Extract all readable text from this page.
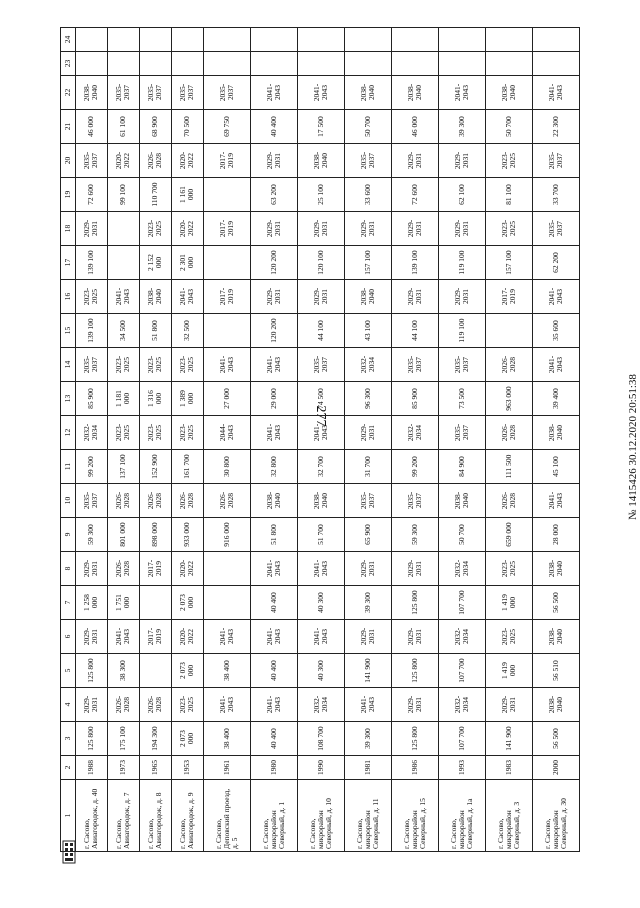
277	№ 1415426 30.12.2020 20:51:38
1	2	3	4	5	6	7	8	9	10	11	12	13	14	15	16	17	18	19	20	21	22	23	24
г. Сасово, Авиагородок, д. 40	1988	125 800	2029-2031	125 800	2029-2031	1 258 000	2029-2031	59 300	2035-2037	99 200	2032-2034	85 900	2035-2037	139 100	2023-2025	139 100	2029-2031	72 600	2035-2037	46 000	2038-2040		
г. Сасово, Авиагородок, д. 7	1973	175 100	2026-2028	38 300	2041-2043	1 751 000	2026-2028	801 000	2026-2028	137 100	2023-2025	1 181 000	2023-2025	34 500	2041-2043			99 100	2020-2022	61 100	2035-2037		
г. Сасово, Авиагородок, д. 8	1965	194 300	2026-2028		2017-2019		2017-2019	898 000	2026-2028	152 900	2023-2025	1 316 000	2023-2025	51 800	2038-2040	2 152 000	2023-2025	110 700	2026-2028	68 900	2035-2037		
г. Сасово, Авиагородок, д. 9	1953	2 073 000	2023-2025	2 073 000	2020-2022	2 073 000	2020-2022	933 000	2026-2028	161 700	2023-2025	1 389 000	2023-2025	32 500	2041-2043	2 301 000	2020-2022	1 161 000	2020-2022	70 500	2035-2037		
г. Сасово, Деповский проезд, д. 5	1961	38 400	2041-2043	38 400	2041-2043			916 000	2026-2028	30 800	2044-2043	27 000	2041-2043		2017-2019		2017-2019		2017-2019	69 750	2035-2037		
г. Сасово, микрорайон Северный, д. 1	1980	40 400	2041-2043	40 400	2041-2043	40 400	2041-2043	51 800	2038-2040	32 800	2041-2043	29 000	2041-2043	120 200	2029-2031	120 200	2029-2031	63 200	2029-2031	40 400	2041-2043		
г. Сасово, микрорайон Северный, д. 10	1990	108 700	2032-2034	40 300	2041-2043	40 300	2041-2043	51 700	2038-2040	32 700	2041-2043	74 500	2035-2037	44 100	2029-2031	120 100	2029-2031	25 100	2038-2040	17 500	2041-2043		
г. Сасово, микрорайон Северный, д. 11	1981	39 300	2041-2043	141 900	2029-2031	39 300	2029-2031	65 900	2035-2037	31 700	2029-2031	96 300	2032-2034	43 100	2038-2040	157 100	2029-2031	33 600	2035-2037	50 700	2038-2040		
г. Сасово, микрорайон Северный, д. 15	1986	125 800	2029-2031	125 800	2029-2031	125 800	2029-2031	59 300	2035-2037	99 200	2032-2034	85 900	2035-2037	44 100	2029-2031	139 100	2029-2031	72 600	2029-2031	46 000	2038-2040		
г. Сасово, микрорайон Северный, д. 1а	1993	107 700	2032-2034	107 700	2032-2034	107 700	2032-2034	50 700	2038-2040	84 900	2035-2037	73 500	2035-2037	119 100	2029-2031	119 100	2029-2031	62 100	2029-2031	39 300	2041-2043		
г. Сасово, микрорайон Северный, д. 3	1983	141 900	2029-2031	1 419 000	2023-2025	1 419 000	2023-2025	659 000	2026-2028	111 500	2026-2028	963 000	2026-2028		2017-2019	157 100	2023-2025	81 100	2023-2025	50 700	2038-2040		
г. Сасово, микрорайон Северный, д. 30	2000	56 500	2038-2040	56 510	2038-2040	56 500	2038-2040	28 000	2041-2043	45 100	2038-2040	39 400	2041-2043	35 600	2041-2043	62 200	2035-2037	33 700	2035-2037	22 300	2041-2043		
